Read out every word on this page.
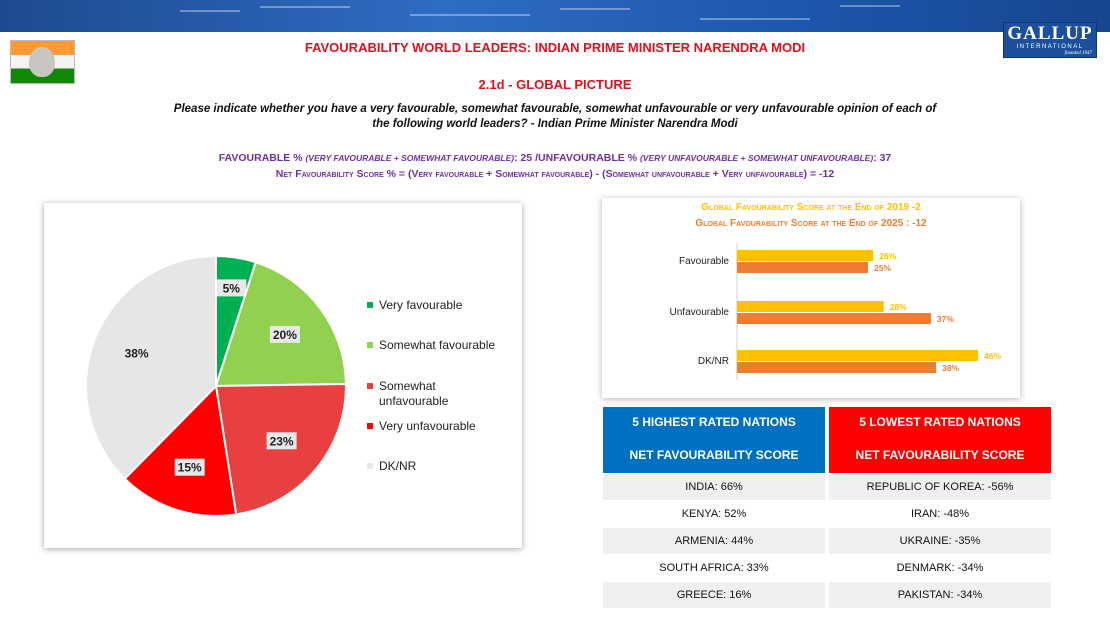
GALLUP
INTERNATIONAL
founded 1947
FAVOURABILITY WORLD LEADERS: INDIAN PRIME MINISTER NARENDRA MODI
2.1d - GLOBAL PICTURE
Please indicate whether you have a very favourable, somewhat favourable, somewhat unfavourable or very unfavourable opinion of each of
the following world leaders? - Indian Prime Minister Narendra Modi
FAVOURABLE % (VERY FAVOURABLE + SOMEWHAT FAVOURABLE): 25 /UNFAVOURABLE % (VERY UNFAVOURABLE + SOMEWHAT UNFAVOURABLE): 37
Net Favourability Score % = (Very favourable + Somewhat favourable) - (Somewhat unfavourable + Very unfavourable) = -12
5%
20%
23%
15%
38%
Very favourable
Somewhat favourable
Somewhat unfavourable
Very unfavourable
DK/NR
Global Favourability Score at the End of 2019 -2
Global Favourability Score at the End of 2025 : -12
Favourable	26%
25%
Unfavourable	28%
37%
DK/NR	46%
38%
5 HIGHEST RATED NATIONS
NET FAVOURABILITY SCORE
INDIA: 66%
KENYA: 52%
ARMENIA: 44%
SOUTH AFRICA: 33%
GREECE: 16%
5 LOWEST RATED NATIONS
NET FAVOURABILITY SCORE
REPUBLIC OF KOREA: -56%
IRAN: -48%
UKRAINE: -35%
DENMARK: -34%
PAKISTAN: -34%
